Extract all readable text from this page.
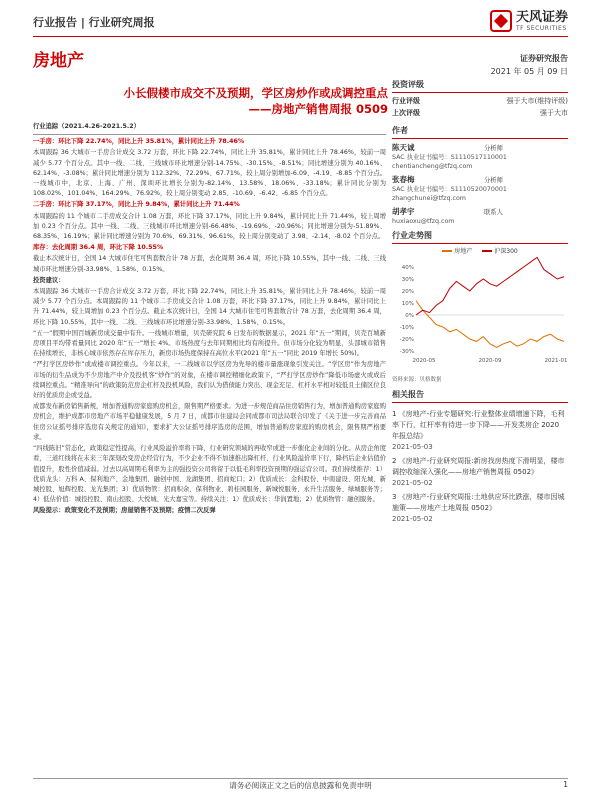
行业报告 | 行业研究周报	天风证券
TF SECURITIES
房地产	证券研究报告
2021 年 05 月 09 日
小长假楼市成交不及预期，学区房炒作或成调控重点
——房地产销售周报 0509

行业追踪（2021.4.26-2021.5.2）

一手房：环比下降 22.74%，同比上升 35.81%，累计同比上升 78.46%

本周跟踪 36 大城市一手房合计成交 3.72 万套，环比下降 22.74%，同比上升 35.81%，累计同比上升 78.46%，较前一周减少 5.77 个百分点。其中一线、二线、三线城市环比增速分别-14.75%、-30.15%、-8.51%；同比增速分别为 40.16%、62.14%、-3.08%；累计同比增速分别为 112.32%、72.29%、67.71%，较上周分别增加-6.09、-4.19、-8.85 个百分点。一线城市中，北京、上海、广州、深圳环比增长分别为-82.14%、13.58%、18.06%、-33.18%；累计同比分别为 108.02%、101.04%、164.29%、76.92%，较上周分别变动 2.85、-10.69、-6.42、-6.85 个百分点。

二手房：环比下降 37.17%，同比上升 9.84%，累计同比上升 71.44%

本周跟踪的 11 个城市二手房成交合计 1.08 万套，环比下降 37.17%，同比上升 9.84%，累计同比上升 71.44%，较上周增加 0.23 个百分点。其中一线、二线、三线城市环比增速分别-66.48%、-19.69%、-20.96%；同比增速分别为-51.89%、68.35%、16.19%；累计同比增速分别为 70.6%、69.31%、96.61%，较上周分别变动了 3.98、-2.14、-8.02 个百分点。

库存：去化周期 36.4 周，环比下降 10.55%

截止本次统计日，全国 14 大城市住宅可售套数合计 78 万套，去化周期 36.4 周，环比下降 10.55%，其中一线、二线、三线城市环比增速分别-33.98%、1.58%、0.15%。

投资建议：

本周跟踪 36 大城市一手房合计成交 3.72 万套，环比下降 22.74%，同比上升 35.81%，累计同比上升 78.46%，较前一周减少 5.77 个百分点。本周跟踪的 11 个城市二手房成交合计 1.08 万套，环比下降 37.17%，同比上升 9.84%，累计同比上升 71.44%，较上周增加 0.23 个百分点。截止本次统计日，全国 14 大城市住宅可售套数合计 78 万套，去化周期 36.4 周，环比下降 10.55%，其中一线、二线、三线城市环比增速分别-33.98%、1.58%、0.15%。

“五一”假期中国百城新房成交量中有升。一线城市增量，贝壳研究院 6 日发布的数据显示，2021 年“五一”期间，贝壳百城新房项目平均带看量同比 2020 年“五一”增长 4%。市场热度与去年同期相比均有所提升。但市场分化较为明显，头部城市销售在持续增长，非核心城市依然存在库存压力，新房市场热度保持在高位水平(2021 年“五一”同比 2019 年增长 50%)。

“严打学区房炒作”或成楼市调控重点。今年以来，一二线城市以学区房为先导的楼市量涨现象引发关注。“学区房”作为房地产市场的衍生品成为不少房地产中介及投机客“炒作”的对象，在楼市调控精细化政策下，“严打学区房炒作”降低市场虚火或成后续调控重点。“精准导向”的政策防范房企杠杆及投机风险，我们认为借债能力突出、现金充足、杠杆水平相对较低且土储区位良好的优质房企或受益。

成都发布新房销售新规，增加普通购房家庭购房机会，限售期严格要求。为进一步规范商品住房销售行为，增加普通购房家庭购房机会，维护成都市房地产市场平稳健康发展，5 月 7 日，成都市住建局会同成都市司法局联合印发了《关于进一步完善商品住房公证摇号排序选房有关规定的通知》，要求扩大公证摇号排序选房的范围，增加普通购房家庭的购房机会，限售期严格要求。

“四线陈旧”常态化，政策稳定性提高，行业风险溢价率将下降，行业研究领域的再收窄或进一步催化企业间的分化。从房企角度看，三道红线将在未来三年深刻改变房企经营行为，不少企业不得不加速推出降杠杆、行业风险溢价率下行，降档后企业估值价值提升，股性价值减弱。过去以高周期毛利率为主的强投资公司将留于以低毛利率投资预期的强运营公司。我们持续推荐：1）优质龙头：万科 A、保利地产、金地集团、融创中国、龙湖集团、招商蛇口；2）优质成长：金科股份、中南建设、阳光城、新城控股、旭辉控股、龙光集团；3）优质物管：招商积余、保利物业、碧桂园服务、新城悦服务、永升生活服务、绿城服务等；4）低估价值：城投控股、南山控股、大悦城、光大嘉宝等。持续关注：1）优质成长：华润置地；2）优质物管：融创服务。

风险提示：政策变化不及预期；房屋销售不及预期；疫情二次反弹

投资评级
行业评级	强于大市(维持评级)
上次评级	强于大市
作者
陈天诚	分析师
SAC 执业证书编号：S1110517110001
chentiancheng@tfzq.com
张春梅	分析师
SAC 执业证书编号：S1110520070001
zhangchunei@tfzq.com
胡孝宇	联系人
huxiaoxu@tfzq.com
行业走势图
房地产	沪深300
40%
30%
20%
10%
0%
-10%
-20%
-30%
2020-05	2020-09	2021-01
资料来源：贝格数据
相关报告
1 《房地产-行业专题研究:行业整体业绩增速下降，毛利率下行，红杆率有待进一步下降——开发类房企 2020 年报总结》
2021-05-03
2 《房地产-行业研究周报:新房找房热度下滑明显，楼市调控收缩深入强化——房地产销售周报 0502》
2021-05-02
3 《房地产-行业研究周报:土地供应环比跌涨，楼市因城施策——房地产土地周报 0502》
2021-05-02
请务必阅读正文之后的信息披露和免责申明	1
